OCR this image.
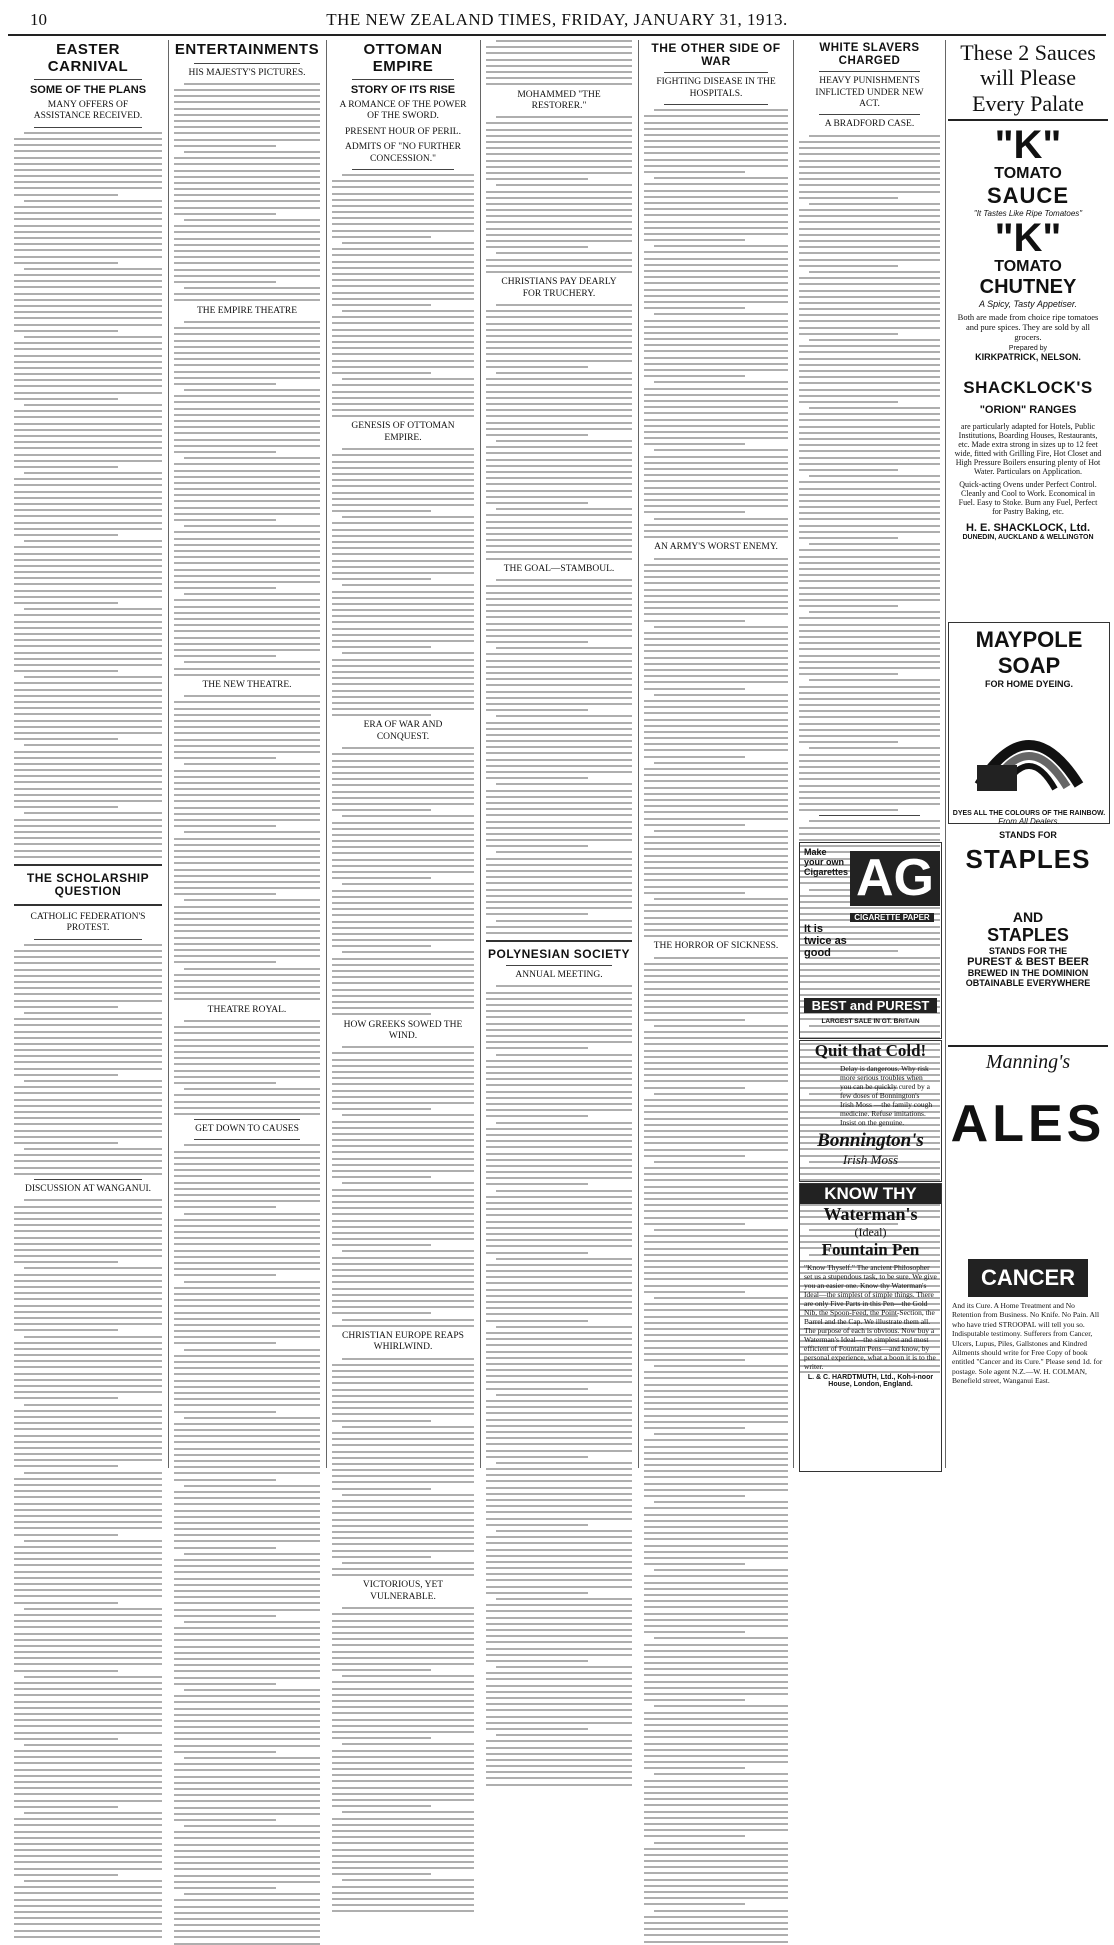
10	THE NEW ZEALAND TIMES, FRIDAY, JANUARY 31, 1913.
EASTER CARNIVAL
SOME OF THE PLANS
MANY OFFERS OF ASSISTANCE RECEIVED.
THE SCHOLARSHIP QUESTION
CATHOLIC FEDERATION'S PROTEST.
DISCUSSION AT WANGANUI.
ENTERTAINMENTS
HIS MAJESTY'S PICTURES.
THE EMPIRE THEATRE
THE NEW THEATRE.
THEATRE ROYAL.
GET DOWN TO CAUSES
OTTOMAN EMPIRE
STORY OF ITS RISE
A ROMANCE OF THE POWER OF THE SWORD.
PRESENT HOUR OF PERIL.
ADMITS OF "NO FURTHER CONCESSION."
GENESIS OF OTTOMAN EMPIRE.
ERA OF WAR AND CONQUEST.
HOW GREEKS SOWED THE WIND.
CHRISTIAN EUROPE REAPS WHIRLWIND.
VICTORIOUS, YET VULNERABLE.
MOHAMMED "THE RESTORER."
CHRISTIANS PAY DEARLY FOR TRUCHERY.
THE GOAL—STAMBOUL.
POLYNESIAN SOCIETY
ANNUAL MEETING.
THE OTHER SIDE OF WAR
FIGHTING DISEASE IN THE HOSPITALS.
AN ARMY'S WORST ENEMY.
THE HORROR OF SICKNESS.
WHITE SLAVERS CHARGED
HEAVY PUNISHMENTS INFLICTED UNDER NEW ACT.
A BRADFORD CASE.
These 2 Sauces
will Please
Every Palate
"K"
TOMATO
SAUCE
"It Tastes Like Ripe Tomatoes"
"K"
TOMATO
CHUTNEY
A Spicy, Tasty Appetiser.
Both are made from choice ripe tomatoes and pure spices. They are sold by all grocers.
Prepared by
KIRKPATRICK, NELSON.
SHACKLOCK'S
"ORION" RANGES
are particularly adapted for Hotels, Public Institutions, Boarding Houses, Restaurants, etc. Made extra strong in sizes up to 12 feet wide, fitted with Grilling Fire, Hot Closet and High Pressure Boilers ensuring plenty of Hot Water. Particulars on Application.
Quick-acting Ovens under Perfect Control. Cleanly and Cool to Work. Economical in Fuel. Easy to Stoke. Burn any Fuel, Perfect for Pastry Baking, etc.
H. E. SHACKLOCK, Ltd.
DUNEDIN, AUCKLAND & WELLINGTON
MAYPOLE SOAP
FOR HOME DYEING.
DYES ALL THE COLOURS OF THE RAINBOW.
From All Dealers.
STANDS FOR
STAPLES
AND
STAPLES
STANDS FOR THE
PUREST & BEST BEER
BREWED IN THE DOMINION
OBTAINABLE EVERYWHERE
Manning's
ALES
CANCER
And its Cure. A Home Treatment and No Retention from Business. No Knife. No Pain. All who have tried STROOPAL will tell you so. Indisputable testimony. Sufferers from Cancer, Ulcers, Lupus, Piles, Gallstones and Kindred Ailments should write for Free Copy of book entitled "Cancer and its Cure." Please send 1d. for postage. Sole agent N.Z.—W. H. COLMAN, Benefield street, Wanganui East.
Make your own Cigarettes AG
CIGARETTE PAPER
It is twice as good
BEST and PUREST
LARGEST SALE IN GT. BRITAIN
Quit that Cold!
Delay is dangerous. Why risk more serious troubles when you can be quickly cured by a few doses of Bonnington's Irish Moss —the family cough medicine. Refuse imitations. Insist on the genuine.
Bonnington's
Irish Moss
KNOW THY
Waterman's
(Ideal)
Fountain Pen
"Know Thyself." The ancient Philosopher set us a stupendous task, to be sure. We give you an easier one. Know thy Waterman's Ideal—the simplest of simple things. There are only Five Parts in this Pen—the Gold Nib, the Spoon-Feed, the Point-Section, the Barrel and the Cap. We illustrate them all. The purpose of each is obvious. Now buy a Waterman's Ideal—the simplest and most efficient of Fountain Pens—and know, by personal experience, what a boon it is to the writer.
L. & C. HARDTMUTH, Ltd., Koh-i-noor House, London, England.
